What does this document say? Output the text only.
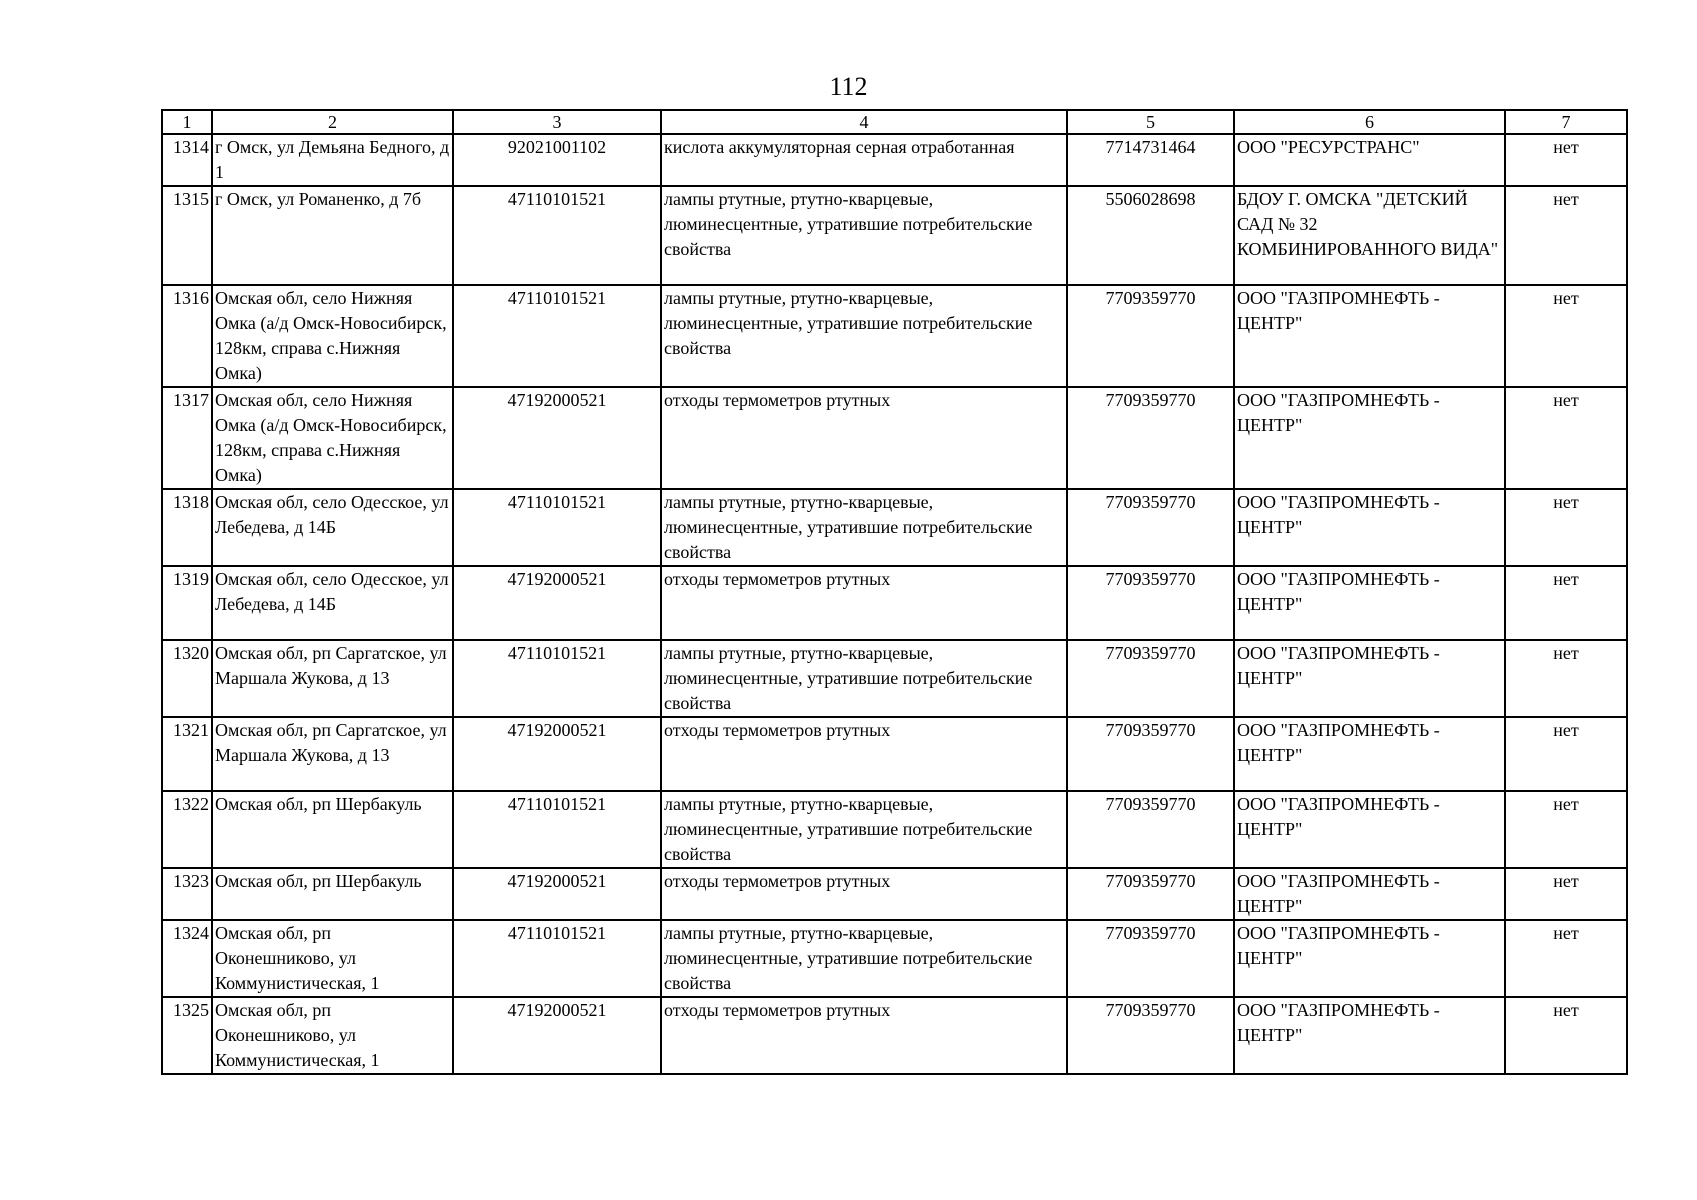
112
1	2	3	4	5	6	7
1314	г Омск, ул Демьяна Бедного, д 1	92021001102	кислота аккумуляторная серная отработанная	7714731464	ООО "РЕСУРСТРАНС"	нет
1315	г Омск, ул Романенко, д 7б	47110101521	лампы ртутные, ртутно-кварцевые, люминесцентные, утратившие потребительские свойства	5506028698	БДОУ Г. ОМСКА "ДЕТСКИЙ САД № 32 КОМБИНИРОВАННОГО ВИДА"	нет
1316	Омская обл, село Нижняя Омка (а/д Омск-Новосибирск, 128км, справа с.Нижняя Омка)	47110101521	лампы ртутные, ртутно-кварцевые, люминесцентные, утратившие потребительские свойства	7709359770	ООО "ГАЗПРОМНЕФТЬ - ЦЕНТР"	нет
1317	Омская обл, село Нижняя Омка (а/д Омск-Новосибирск, 128км, справа с.Нижняя Омка)	47192000521	отходы термометров ртутных	7709359770	ООО "ГАЗПРОМНЕФТЬ - ЦЕНТР"	нет
1318	Омская обл, село Одесское, ул Лебедева, д 14Б	47110101521	лампы ртутные, ртутно-кварцевые, люминесцентные, утратившие потребительские свойства	7709359770	ООО "ГАЗПРОМНЕФТЬ - ЦЕНТР"	нет
1319	Омская обл, село Одесское, ул Лебедева, д 14Б	47192000521	отходы термометров ртутных	7709359770	ООО "ГАЗПРОМНЕФТЬ - ЦЕНТР"	нет
1320	Омская обл, рп Саргатское, ул Маршала Жукова, д 13	47110101521	лампы ртутные, ртутно-кварцевые, люминесцентные, утратившие потребительские свойства	7709359770	ООО "ГАЗПРОМНЕФТЬ - ЦЕНТР"	нет
1321	Омская обл, рп Саргатское, ул Маршала Жукова, д 13	47192000521	отходы термометров ртутных	7709359770	ООО "ГАЗПРОМНЕФТЬ - ЦЕНТР"	нет
1322	Омская обл, рп Шербакуль	47110101521	лампы ртутные, ртутно-кварцевые, люминесцентные, утратившие потребительские свойства	7709359770	ООО "ГАЗПРОМНЕФТЬ - ЦЕНТР"	нет
1323	Омская обл, рп Шербакуль	47192000521	отходы термометров ртутных	7709359770	ООО "ГАЗПРОМНЕФТЬ - ЦЕНТР"	нет
1324	Омская обл, рп Оконешниково, ул Коммунистическая, 1	47110101521	лампы ртутные, ртутно-кварцевые, люминесцентные, утратившие потребительские свойства	7709359770	ООО "ГАЗПРОМНЕФТЬ - ЦЕНТР"	нет
1325	Омская обл, рп Оконешниково, ул Коммунистическая, 1	47192000521	отходы термометров ртутных	7709359770	ООО "ГАЗПРОМНЕФТЬ - ЦЕНТР"	нет
